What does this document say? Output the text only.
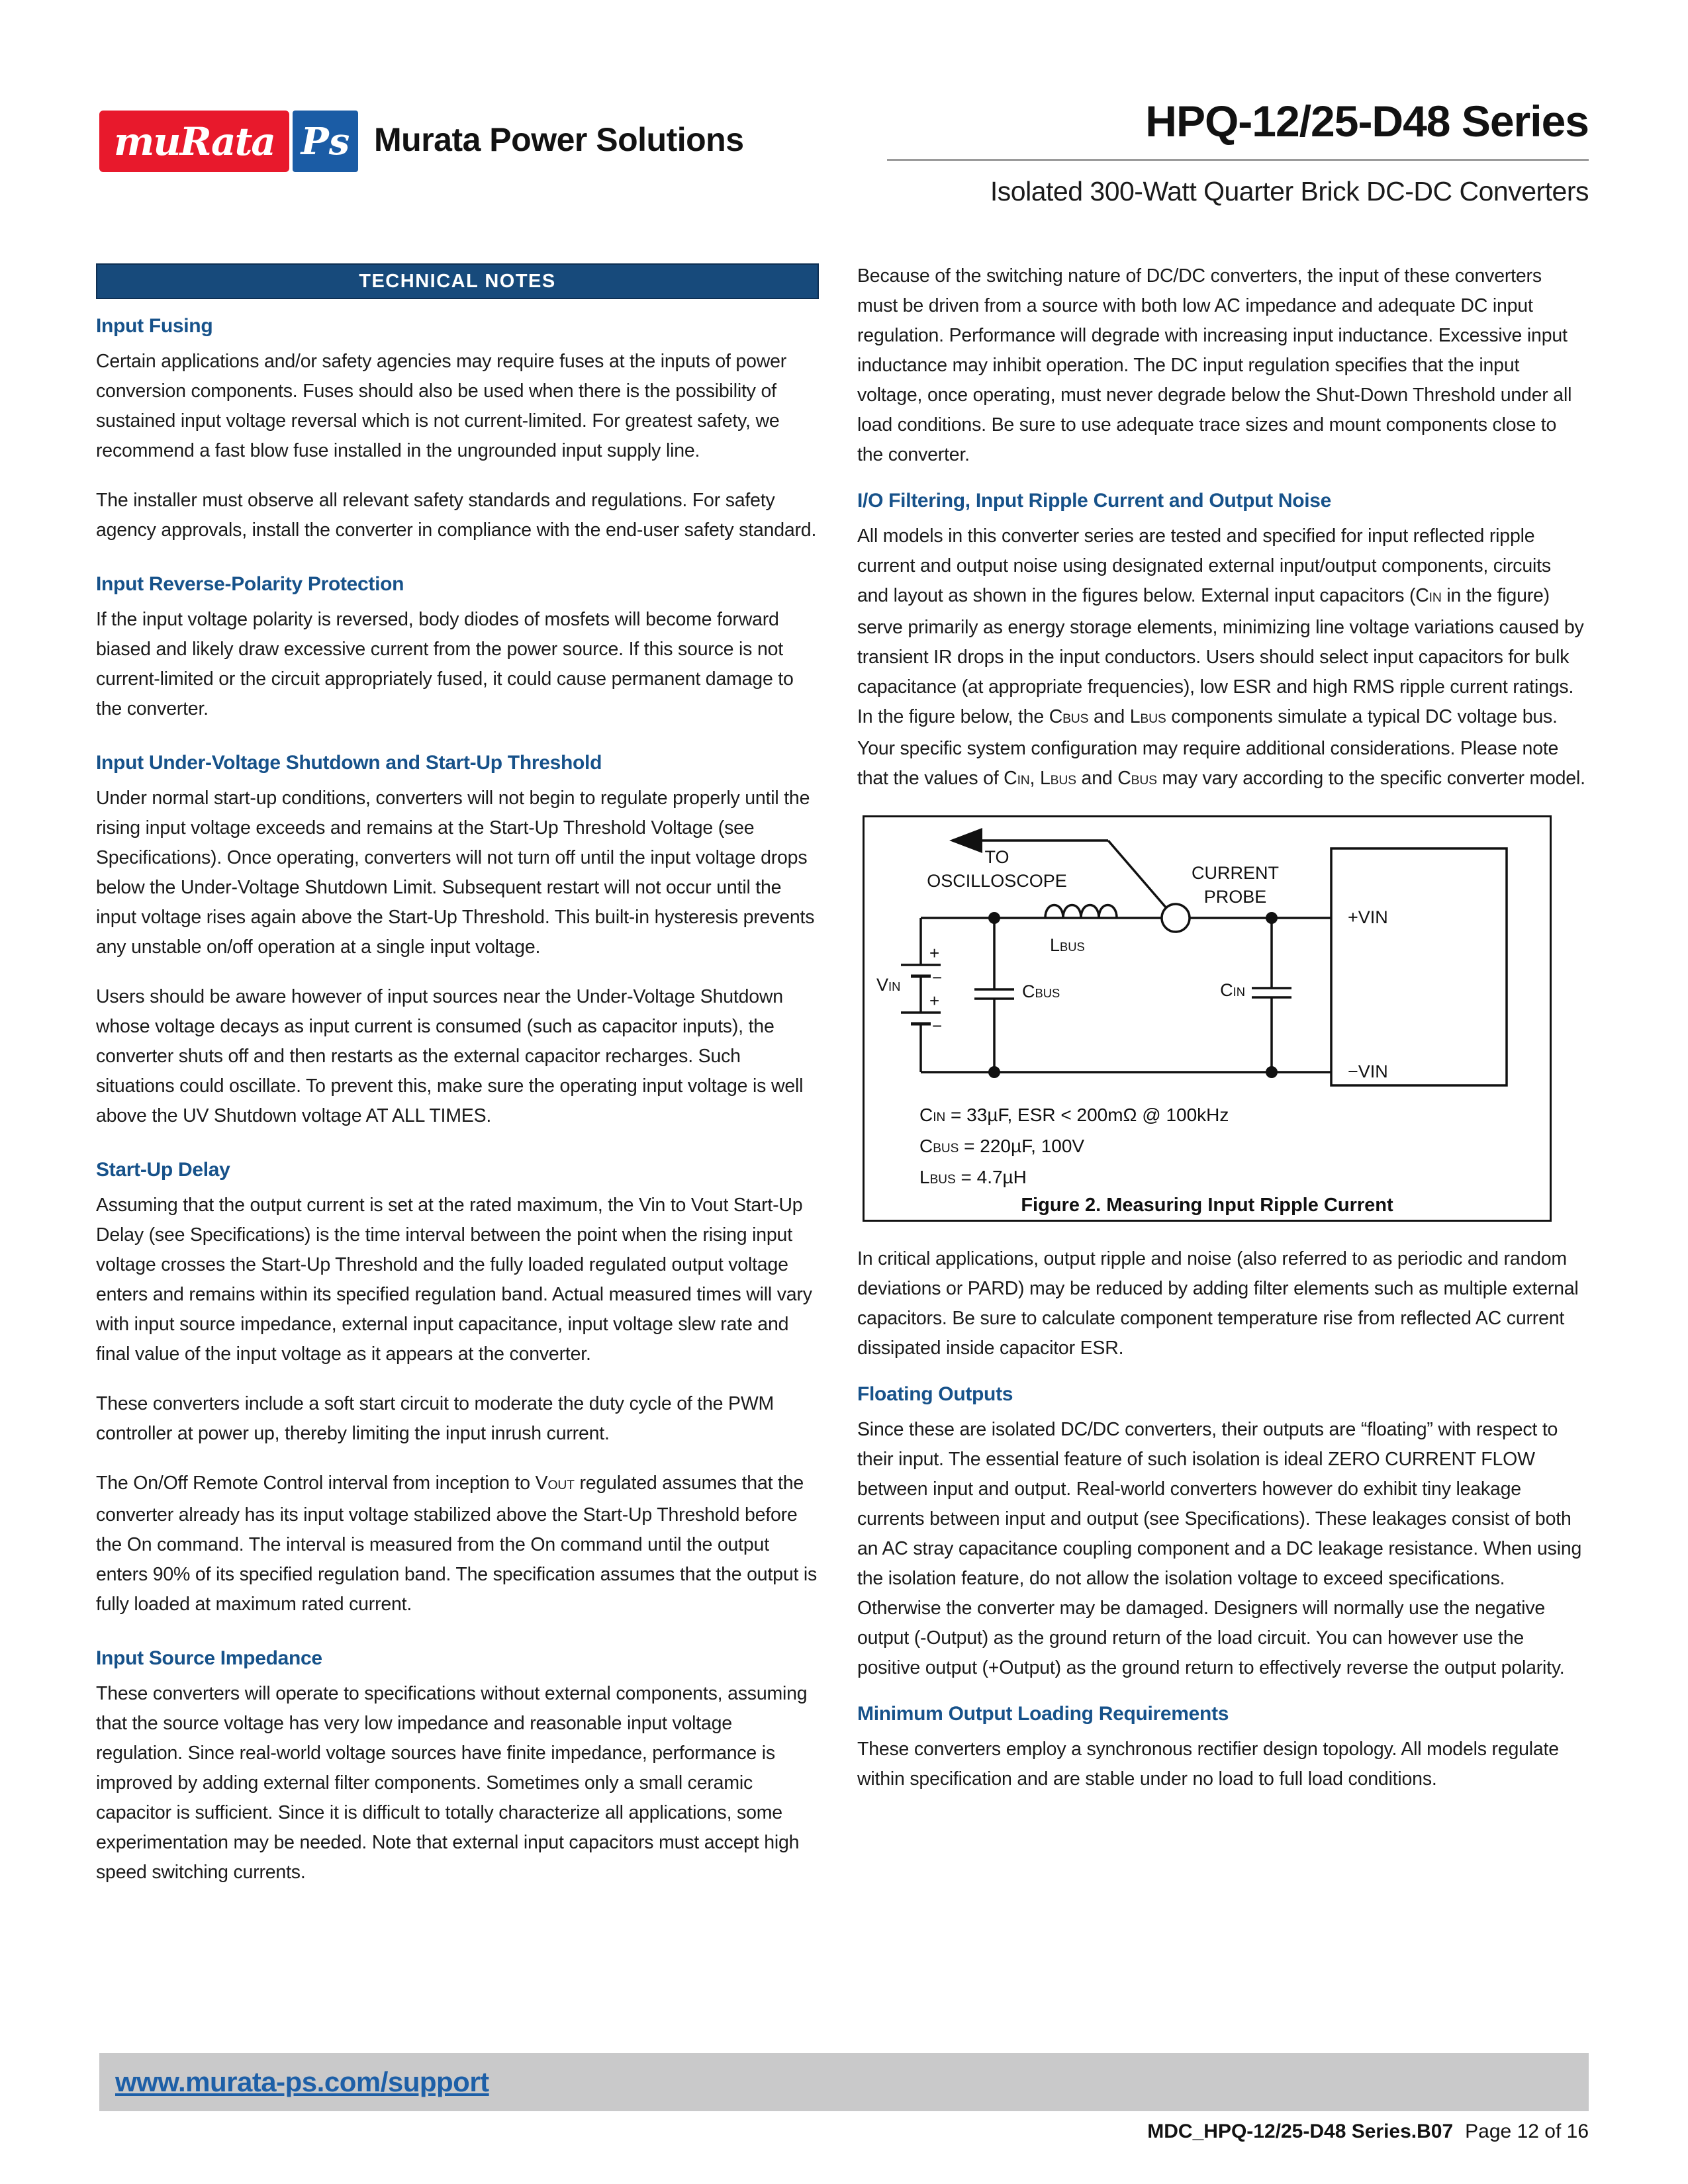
muRata Ps Murata Power Solutions	HPQ-12/25-D48 Series
Isolated 300-Watt Quarter Brick DC-DC Converters
TECHNICAL NOTES
Input Fusing

Certain applications and/or safety agencies may require fuses at the inputs of power conversion components. Fuses should also be used when there is the possibility of sustained input voltage reversal which is not current-limited. For greatest safety, we recommend a fast blow fuse installed in the ungrounded input supply line.

The installer must observe all relevant safety standards and regulations. For safety agency approvals, install the converter in compliance with the end-user safety standard.

Input Reverse-Polarity Protection

If the input voltage polarity is reversed, body diodes of mosfets will become forward biased and likely draw excessive current from the power source. If this source is not current-limited or the circuit appropriately fused, it could cause permanent damage to the converter.

Input Under-Voltage Shutdown and Start-Up Threshold

Under normal start-up conditions, converters will not begin to regulate properly until the rising input voltage exceeds and remains at the Start-Up Threshold Voltage (see Specifications). Once operating, converters will not turn off until the input voltage drops below the Under-Voltage Shutdown Limit. Subsequent restart will not occur until the input voltage rises again above the Start-Up Threshold. This built-in hysteresis prevents any unstable on/off operation at a single input voltage.

Users should be aware however of input sources near the Under-Voltage Shutdown whose voltage decays as input current is consumed (such as capacitor inputs), the converter shuts off and then restarts as the external capacitor recharges. Such situations could oscillate. To prevent this, make sure the operating input voltage is well above the UV Shutdown voltage AT ALL TIMES.

Start-Up Delay

Assuming that the output current is set at the rated maximum, the Vin to Vout Start-Up Delay (see Specifications) is the time interval between the point when the rising input voltage crosses the Start-Up Threshold and the fully loaded regulated output voltage enters and remains within its specified regulation band. Actual measured times will vary with input source impedance, external input capacitance, input voltage slew rate and final value of the input voltage as it appears at the converter.

These converters include a soft start circuit to moderate the duty cycle of the PWM controller at power up, thereby limiting the input inrush current.

The On/Off Remote Control interval from inception to VOUT regulated assumes that the converter already has its input voltage stabilized above the Start-Up Threshold before the On command. The interval is measured from the On command until the output enters 90% of its specified regulation band. The specification assumes that the output is fully loaded at maximum rated current.

Input Source Impedance

These converters will operate to specifications without external components, assuming that the source voltage has very low impedance and reasonable input voltage regulation. Since real-world voltage sources have finite impedance, performance is improved by adding external filter components. Sometimes only a small ceramic capacitor is sufficient. Since it is difficult to totally characterize all applications, some experimentation may be needed. Note that external input capacitors must accept high speed switching currents.

Because of the switching nature of DC/DC converters, the input of these converters must be driven from a source with both low AC impedance and adequate DC input regulation. Performance will degrade with increasing input inductance. Excessive input inductance may inhibit operation. The DC input regulation specifies that the input voltage, once operating, must never degrade below the Shut-Down Threshold under all load conditions. Be sure to use adequate trace sizes and mount components close to the converter.

I/O Filtering, Input Ripple Current and Output Noise

All models in this converter series are tested and specified for input reflected ripple current and output noise using designated external input/output components, circuits and layout as shown in the figures below. External input capacitors (CIN in the figure) serve primarily as energy storage elements, minimizing line voltage variations caused by transient IR drops in the input conductors. Users should select input capacitors for bulk capacitance (at appropriate frequencies), low ESR and high RMS ripple current ratings. In the figure below, the CBUS and LBUS components simulate a typical DC voltage bus. Your specific system configuration may require additional considerations. Please note that the values of CIN, LBUS and CBUS may vary according to the specific converter model.

TO
OSCILLOSCOPE	CURRENT
PROBE
+
−
+
−
VIN
LBUS
CBUS	CIN
+VIN
−VIN
CIN = 33µF, ESR < 200mΩ @ 100kHz
CBUS = 220µF, 100V
LBUS = 4.7µH
Figure 2. Measuring Input Ripple Current

In critical applications, output ripple and noise (also referred to as periodic and random deviations or PARD) may be reduced by adding filter elements such as multiple external capacitors. Be sure to calculate component temperature rise from reflected AC current dissipated inside capacitor ESR.

Floating Outputs

Since these are isolated DC/DC converters, their outputs are “floating” with respect to their input. The essential feature of such isolation is ideal ZERO CURRENT FLOW between input and output. Real-world converters however do exhibit tiny leakage currents between input and output (see Specifications). These leakages consist of both an AC stray capacitance coupling component and a DC leakage resistance. When using the isolation feature, do not allow the isolation voltage to exceed specifications. Otherwise the converter may be damaged. Designers will normally use the negative output (-Output) as the ground return of the load circuit. You can however use the positive output (+Output) as the ground return to effectively reverse the output polarity.

Minimum Output Loading Requirements

These converters employ a synchronous rectifier design topology. All models regulate within specification and are stable under no load to full load conditions.

www.murata-ps.com/support
MDC_HPQ-12/25-D48 Series.B07 Page 12 of 16
